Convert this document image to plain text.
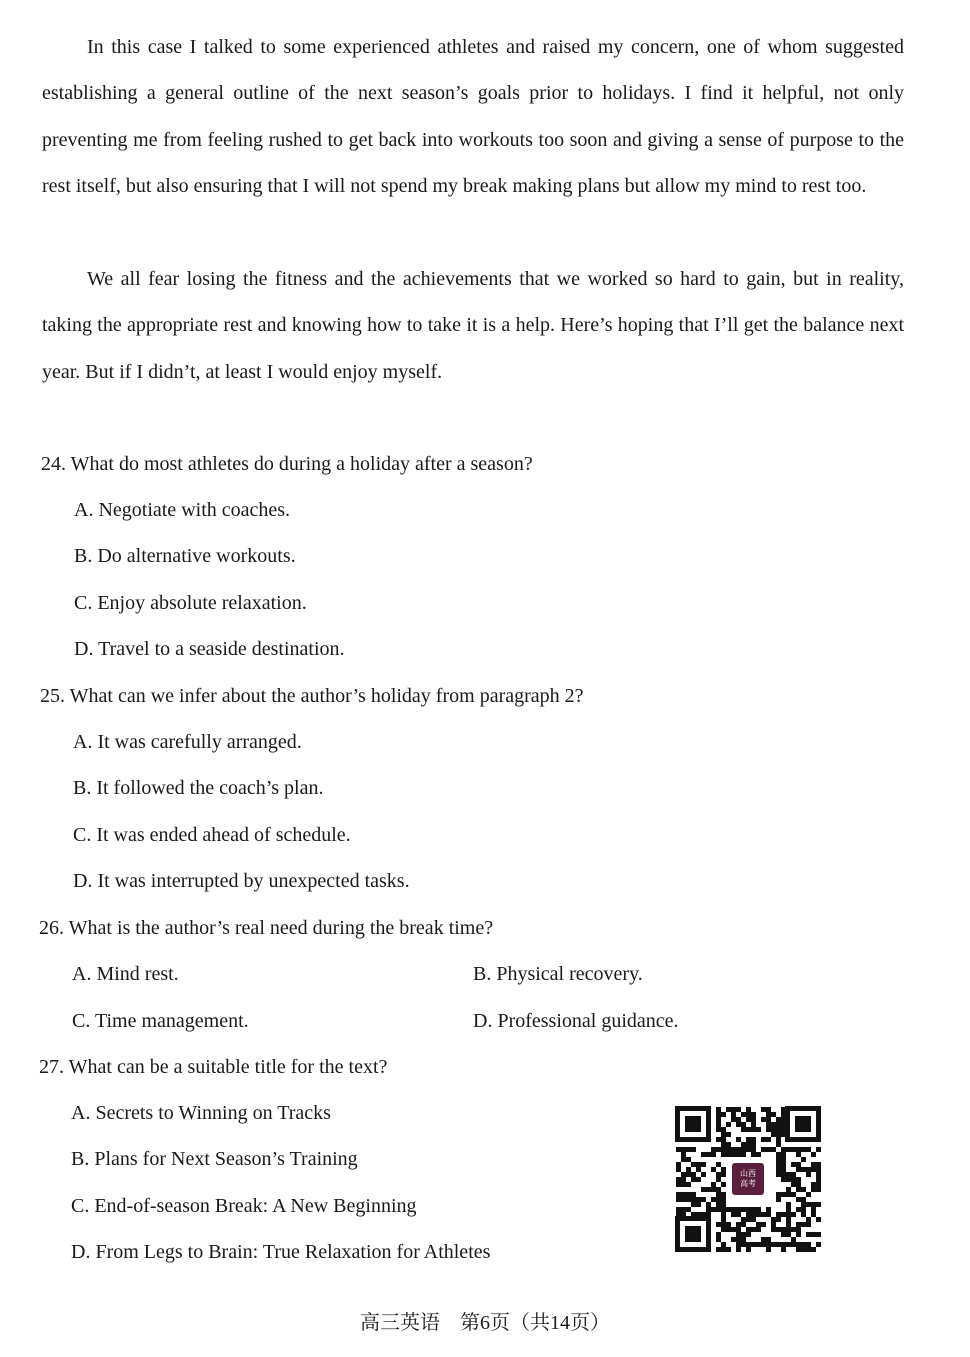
In this case I talked to some experienced athletes and raised my concern, one of whom suggested establishing a general outline of the next season’s goals prior to holidays. I find it helpful, not only preventing me from feeling rushed to get back into workouts too soon and giving a sense of purpose to the rest itself, but also ensuring that I will not spend my break making plans but allow my mind to rest too.

We all fear losing the fitness and the achievements that we worked so hard to gain, but in reality, taking the appropriate rest and knowing how to take it is a help. Here’s hoping that I’ll get the balance next year. But if I didn’t, at least I would enjoy myself.

24. What do most athletes do during a holiday after a season?
A. Negotiate with coaches.
B. Do alternative workouts.
C. Enjoy absolute relaxation.
D. Travel to a seaside destination.
25. What can we infer about the author’s holiday from paragraph 2?
A. It was carefully arranged.
B. It followed the coach’s plan.
C. It was ended ahead of schedule.
D. It was interrupted by unexpected tasks.
26. What is the author’s real need during the break time?
A. Mind rest.	B. Physical recovery.
C. Time management.	D. Professional guidance.
27. What can be a suitable title for the text?
A. Secrets to Winning on Tracks
B. Plans for Next Season’s Training
C. End-of-season Break: A New Beginning
D. From Legs to Brain: True Relaxation for Athletes
山西
高考
高三英语　第6页（共14页）
